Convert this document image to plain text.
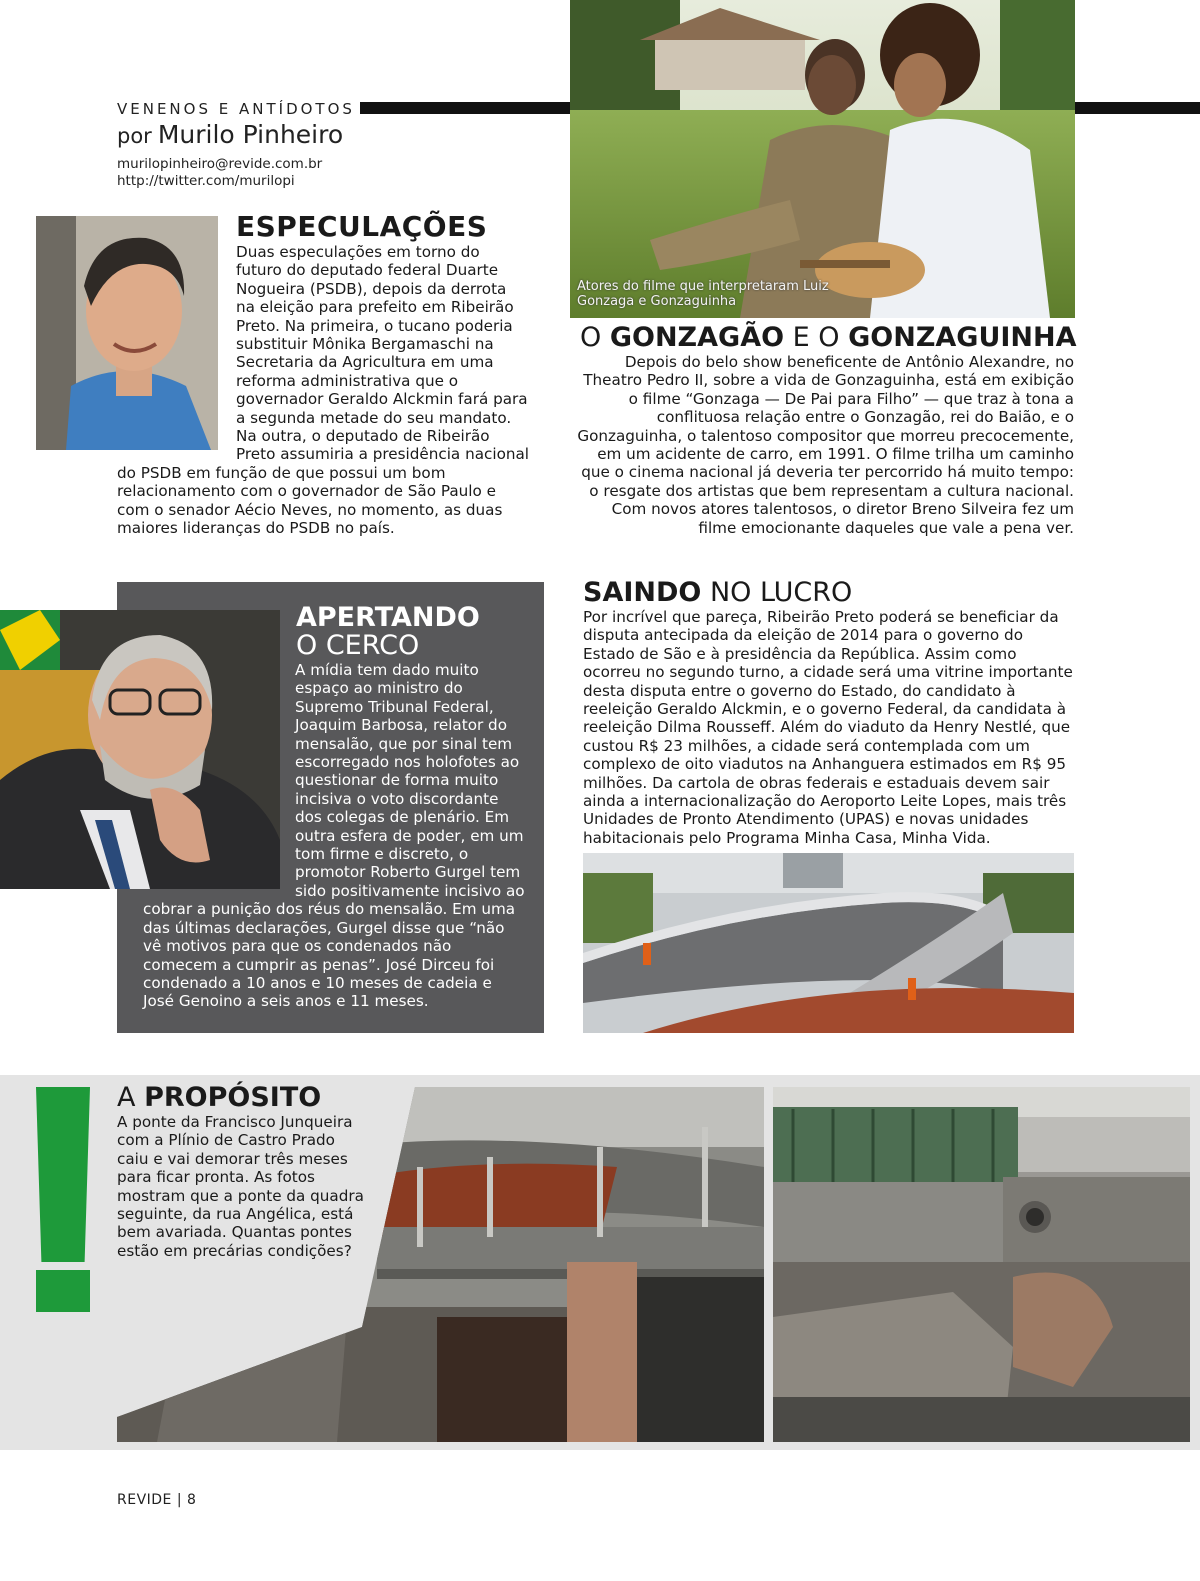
VENENOS E ANTÍDOTOS
por Murilo Pinheiro
murilopinheiro@revide.com.br
http://twitter.com/murilopi
Atores do filme que interpretaram Luiz Gonzaga e Gonzaguinha
ESPECULAÇÕES
Duas especulações em torno do futuro do deputado federal Duarte Nogueira (PSDB), depois da derrota na eleição para prefeito em Ribeirão Preto. Na primeira, o tucano poderia substituir Mônika Bergamaschi na Secretaria da Agricultura em uma reforma administrativa que o governador Geraldo Alckmin fará para a segunda metade do seu mandato. Na outra, o deputado de Ribeirão Preto assumiria a presidência nacional do PSDB em função de que possui um bom relacionamento com o governador de São Paulo e com o senador Aécio Neves, no momento, as duas maiores lideranças do PSDB no país.
O GONZAGÃO E O GONZAGUINHA
Depois do belo show beneficente de Antônio Alexandre, no Theatro Pedro II, sobre a vida de Gonzaguinha, está em exibição o filme “Gonzaga — De Pai para Filho” — que traz à tona a conflituosa relação entre o Gonzagão, rei do Baião, e o Gonzaguinha, o talentoso compositor que morreu precocemente, em um acidente de carro, em 1991. O filme trilha um caminho que o cinema nacional já deveria ter percorrido há muito tempo: o resgate dos artistas que bem representam a cultura nacional. Com novos atores talentosos, o diretor Breno Silveira fez um filme emocionante daqueles que vale a pena ver.
APERTANDO
O CERCO
A mídia tem dado muito espaço ao ministro do Supremo Tribunal Federal, Joaquim Barbosa, relator do mensalão, que por sinal tem escorregado nos holofotes ao questionar de forma muito incisiva o voto discordante dos colegas de plenário. Em outra esfera de poder, em um tom firme e discreto, o promotor Roberto Gurgel tem sido positivamente incisivo ao cobrar a punição dos réus do mensalão. Em uma das últimas declarações, Gurgel disse que “não vê motivos para que os condenados não comecem a cumprir as penas”. José Dirceu foi condenado a 10 anos e 10 meses de cadeia e José Genoino a seis anos e 11 meses.
SAINDO NO LUCRO
Por incrível que pareça, Ribeirão Preto poderá se beneficiar da disputa antecipada da eleição de 2014 para o governo do Estado de São e à presidência da República. Assim como ocorreu no segundo turno, a cidade será uma vitrine importante desta disputa entre o governo do Estado, do candidato à reeleição Geraldo Alckmin, e o governo Federal, da candidata à reeleição Dilma Rousseff. Além do viaduto da Henry Nestlé, que custou R$ 23 milhões, a cidade será contemplada com um complexo de oito viadutos na Anhanguera estimados em R$ 95 milhões. Da cartola de obras federais e estaduais devem sair ainda a internacionalização do Aeroporto Leite Lopes, mais três Unidades de Pronto Atendimento (UPAS) e novas unidades habitacionais pelo Programa Minha Casa, Minha Vida.
A PROPÓSITO
A ponte da Francisco Junqueira com a Plínio de Castro Prado caiu e vai demorar três meses para ficar pronta. As fotos mostram que a ponte da quadra seguinte, da rua Angélica, está bem avariada. Quantas pontes estão em precárias condições?
REVIDE | 8
